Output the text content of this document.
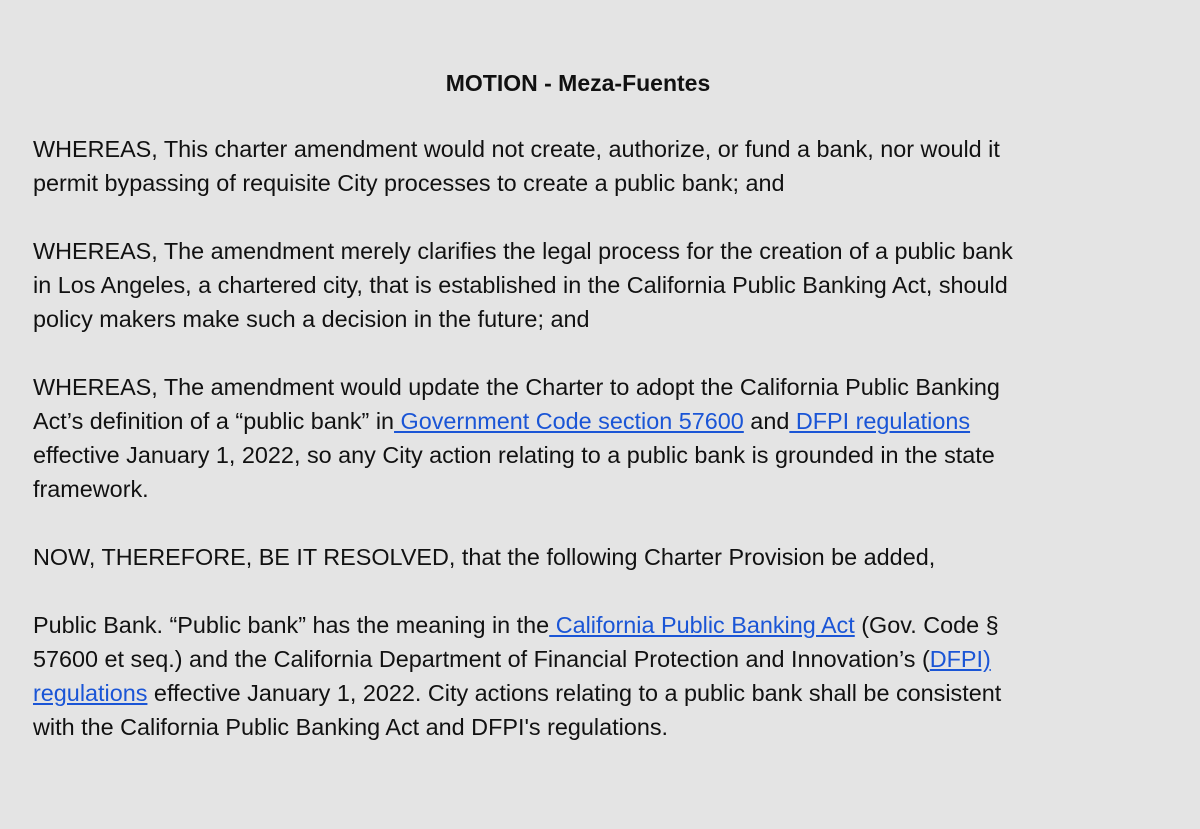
MOTION - Meza-Fuentes

WHEREAS, This charter amendment would not create, authorize, or fund a bank, nor would it
permit bypassing of requisite City processes to create a public bank; and

WHEREAS, The amendment merely clarifies the legal process for the creation of a public bank
in Los Angeles, a chartered city, that is established in the California Public Banking Act, should
policy makers make such a decision in the future; and

WHEREAS, The amendment would update the Charter to adopt the California Public Banking
Act’s definition of a “public bank” in Government Code section 57600 and DFPI regulations
effective January 1, 2022, so any City action relating to a public bank is grounded in the state
framework.

NOW, THEREFORE, BE IT RESOLVED, that the following Charter Provision be added,

Public Bank. “Public bank” has the meaning in the California Public Banking Act (Gov. Code §
57600 et seq.) and the California Department of Financial Protection and Innovation’s (DFPI)
regulations effective January 1, 2022. City actions relating to a public bank shall be consistent
with the California Public Banking Act and DFPI's regulations.
